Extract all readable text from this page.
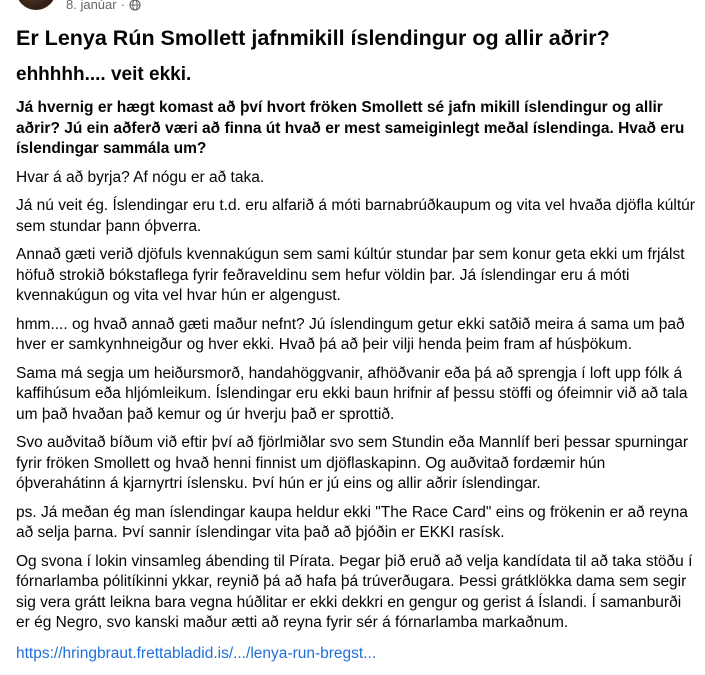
8. janúar ·
Er Lenya Rún Smollett jafnmikill íslendingur og allir aðrir?
ehhhhh.... veit ekki.
Já hvernig er hægt komast að því hvort fröken Smollett sé jafn mikill íslendingur og allir aðrir? Jú ein aðferð væri að finna út hvað er mest sameiginlegt meðal íslendinga. Hvað eru íslendingar sammála um?
Hvar á að byrja? Af nógu er að taka.
Já nú veit ég. Íslendingar eru t.d. eru alfarið á móti barnabrúðkaupum og vita vel hvaða djöfla kúltúr sem stundar þann óþverra.
Annað gæti verið djöfuls kvennakúgun sem sami kúltúr stundar þar sem konur geta ekki um frjálst höfuð strokið bókstaflega fyrir feðraveldinu sem hefur völdin þar. Já íslendingar eru á móti kvennakúgun og vita vel hvar hún er algengust.
hmm.... og hvað annað gæti maður nefnt? Jú íslendingum getur ekki satðið meira á sama um það hver er samkynhneigður og hver ekki. Hvað þá að þeir vilji henda þeim fram af húsþökum.
Sama má segja um heiðursmorð, handahöggvanir, afhöðvanir eða þá að sprengja í loft upp fólk á kaffihúsum eða hljómleikum. Íslendingar eru ekki baun hrifnir af þessu stöffi og ófeimnir við að tala um það hvaðan það kemur og úr hverju það er sprottið.
Svo auðvitað bíðum við eftir því að fjörlmiðlar svo sem Stundin eða Mannlíf beri þessar spurningar fyrir fröken Smollett og hvað henni finnist um djöflaskapinn. Og auðvitað fordæmir hún óþverahátinn á kjarnyrtri íslensku. Því hún er jú eins og allir aðrir íslendingar.
ps. Já meðan ég man íslendingar kaupa heldur ekki "The Race Card" eins og frökenin er að reyna að selja þarna. Því sannir íslendingar vita það að þjóðin er EKKI rasísk.
Og svona í lokin vinsamleg ábending til Pírata. Þegar þið eruð að velja kandídata til að taka stöðu í fórnarlamba pólitíkinni ykkar, reynið þá að hafa þá trúverðugara. Þessi grátklökka dama sem segir sig vera grátt leikna bara vegna húðlitar er ekki dekkri en gengur og gerist á Íslandi. Í samanburði er ég Negro, svo kanski maður ætti að reyna fyrir sér á fórnarlamba markaðnum.
https://hringbraut.frettabladid.is/.../lenya-run-bregst...
